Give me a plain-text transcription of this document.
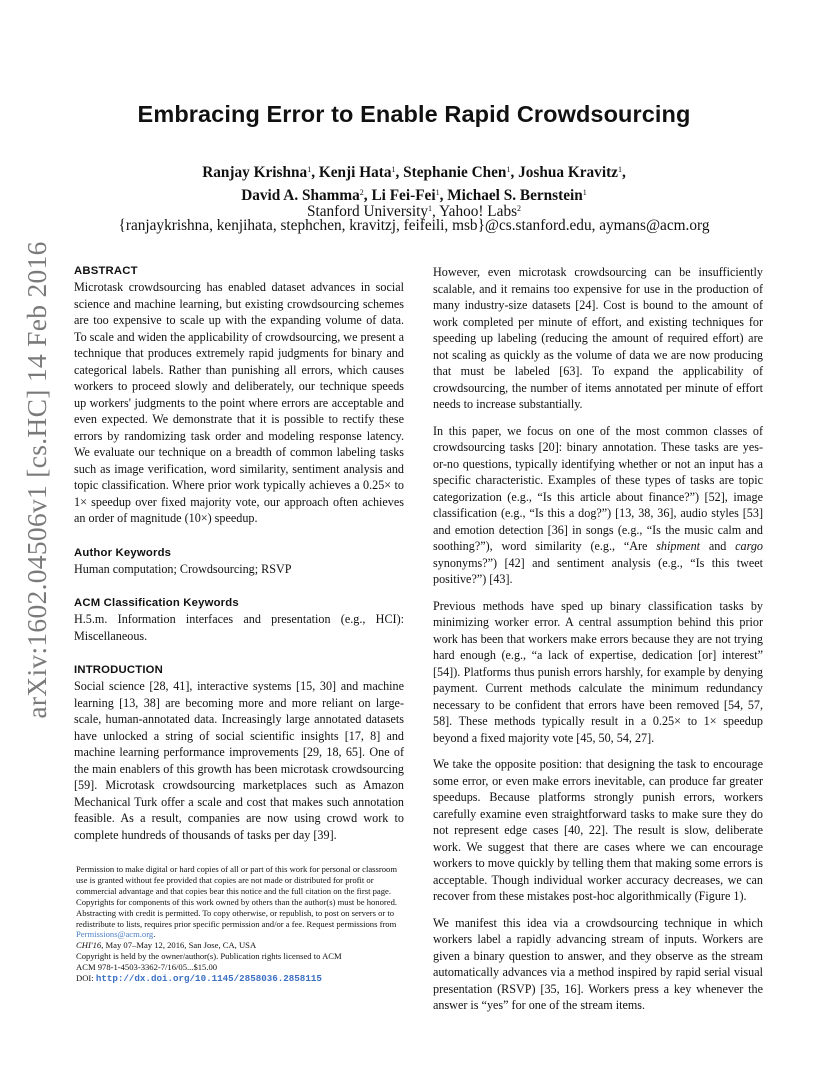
Embracing Error to Enable Rapid Crowdsourcing
Ranjay Krishna$^1$, Kenji Hata$^1$, Stephanie Chen$^1$, Joshua Kravitz$^1$,
David A. Shamma$^2$, Li Fei-Fei$^1$, Michael S. Bernstein$^1$
Stanford University$^1$, Yahoo! Labs$^2$
{ranjaykrishna, kenjihata, stephchen, kravitzj, feifeili, msb}@cs.stanford.edu, aymans@acm.org
arXiv:1602.04506v1 [cs.HC] 14 Feb 2016 ABSTRACT

Microtask crowdsourcing has enabled dataset advances in social science and machine learning, but existing crowdsourcing schemes are too expensive to scale up with the expanding volume of data. To scale and widen the applicability of crowdsourcing, we present a technique that produces extremely rapid judgments for binary and categorical labels. Rather than punishing all errors, which causes workers to proceed slowly and deliberately, our technique speeds up workers' judgments to the point where errors are acceptable and even expected. We demonstrate that it is possible to rectify these errors by randomizing task order and modeling response latency. We evaluate our technique on a breadth of common labeling tasks such as image verification, word similarity, sentiment analysis and topic classification. Where prior work typically achieves a 0.25× to 1× speedup over fixed majority vote, our approach often achieves an order of magnitude (10×) speedup.

Author Keywords

Human computation; Crowdsourcing; RSVP

ACM Classification Keywords

H.5.m. Information interfaces and presentation (e.g., HCI): Miscellaneous.

INTRODUCTION

Social science [28, 41], interactive systems [15, 30] and machine learning [13, 38] are becoming more and more reliant on large-scale, human-annotated data. Increasingly large annotated datasets have unlocked a string of social scientific insights [17, 8] and machine learning performance improvements [29, 18, 65]. One of the main enablers of this growth has been microtask crowdsourcing [59]. Microtask crowdsourcing marketplaces such as Amazon Mechanical Turk offer a scale and cost that makes such annotation feasible. As a result, companies are now using crowd work to complete hundreds of thousands of tasks per day [39].

Permission to make digital or hard copies of all or part of this work for personal or classroom use is granted without fee provided that copies are not made or distributed for profit or commercial advantage and that copies bear this notice and the full citation on the first page. Copyrights for components of this work owned by others than the author(s) must be honored. Abstracting with credit is permitted. To copy otherwise, or republish, to post on servers or to redistribute to lists, requires prior specific permission and/or a fee. Request permissions from Permissions@acm.org.
CHI'16, May 07–May 12, 2016, San Jose, CA, USA
Copyright is held by the owner/author(s). Publication rights licensed to ACM
ACM 978-1-4503-3362-7/16/05...$15.00
DOI: http://dx.doi.org/10.1145/2858036.2858115

However, even microtask crowdsourcing can be insufficiently scalable, and it remains too expensive for use in the production of many industry-size datasets [24]. Cost is bound to the amount of work completed per minute of effort, and existing techniques for speeding up labeling (reducing the amount of required effort) are not scaling as quickly as the volume of data we are now producing that must be labeled [63]. To expand the applicability of crowdsourcing, the number of items annotated per minute of effort needs to increase substantially.

In this paper, we focus on one of the most common classes of crowdsourcing tasks [20]: binary annotation. These tasks are yes-or-no questions, typically identifying whether or not an input has a specific characteristic. Examples of these types of tasks are topic categorization (e.g., “Is this article about finance?”) [52], image classification (e.g., “Is this a dog?”) [13, 38, 36], audio styles [53] and emotion detection [36] in songs (e.g., “Is the music calm and soothing?”), word similarity (e.g., “Are shipment and cargo synonyms?”) [42] and sentiment analysis (e.g., “Is this tweet positive?”) [43].

Previous methods have sped up binary classification tasks by minimizing worker error. A central assumption behind this prior work has been that workers make errors because they are not trying hard enough (e.g., “a lack of expertise, dedication [or] interest” [54]). Platforms thus punish errors harshly, for example by denying payment. Current methods calculate the minimum redundancy necessary to be confident that errors have been removed [54, 57, 58]. These methods typically result in a 0.25× to 1× speedup beyond a fixed majority vote [45, 50, 54, 27].

We take the opposite position: that designing the task to encourage some error, or even make errors inevitable, can produce far greater speedups. Because platforms strongly punish errors, workers carefully examine even straightforward tasks to make sure they do not represent edge cases [40, 22]. The result is slow, deliberate work. We suggest that there are cases where we can encourage workers to move quickly by telling them that making some errors is acceptable. Though individual worker accuracy decreases, we can recover from these mistakes post-hoc algorithmically (Figure 1).

We manifest this idea via a crowdsourcing technique in which workers label a rapidly advancing stream of inputs. Workers are given a binary question to answer, and they observe as the stream automatically advances via a method inspired by rapid serial visual presentation (RSVP) [35, 16]. Workers press a key whenever the answer is “yes” for one of the stream items.
